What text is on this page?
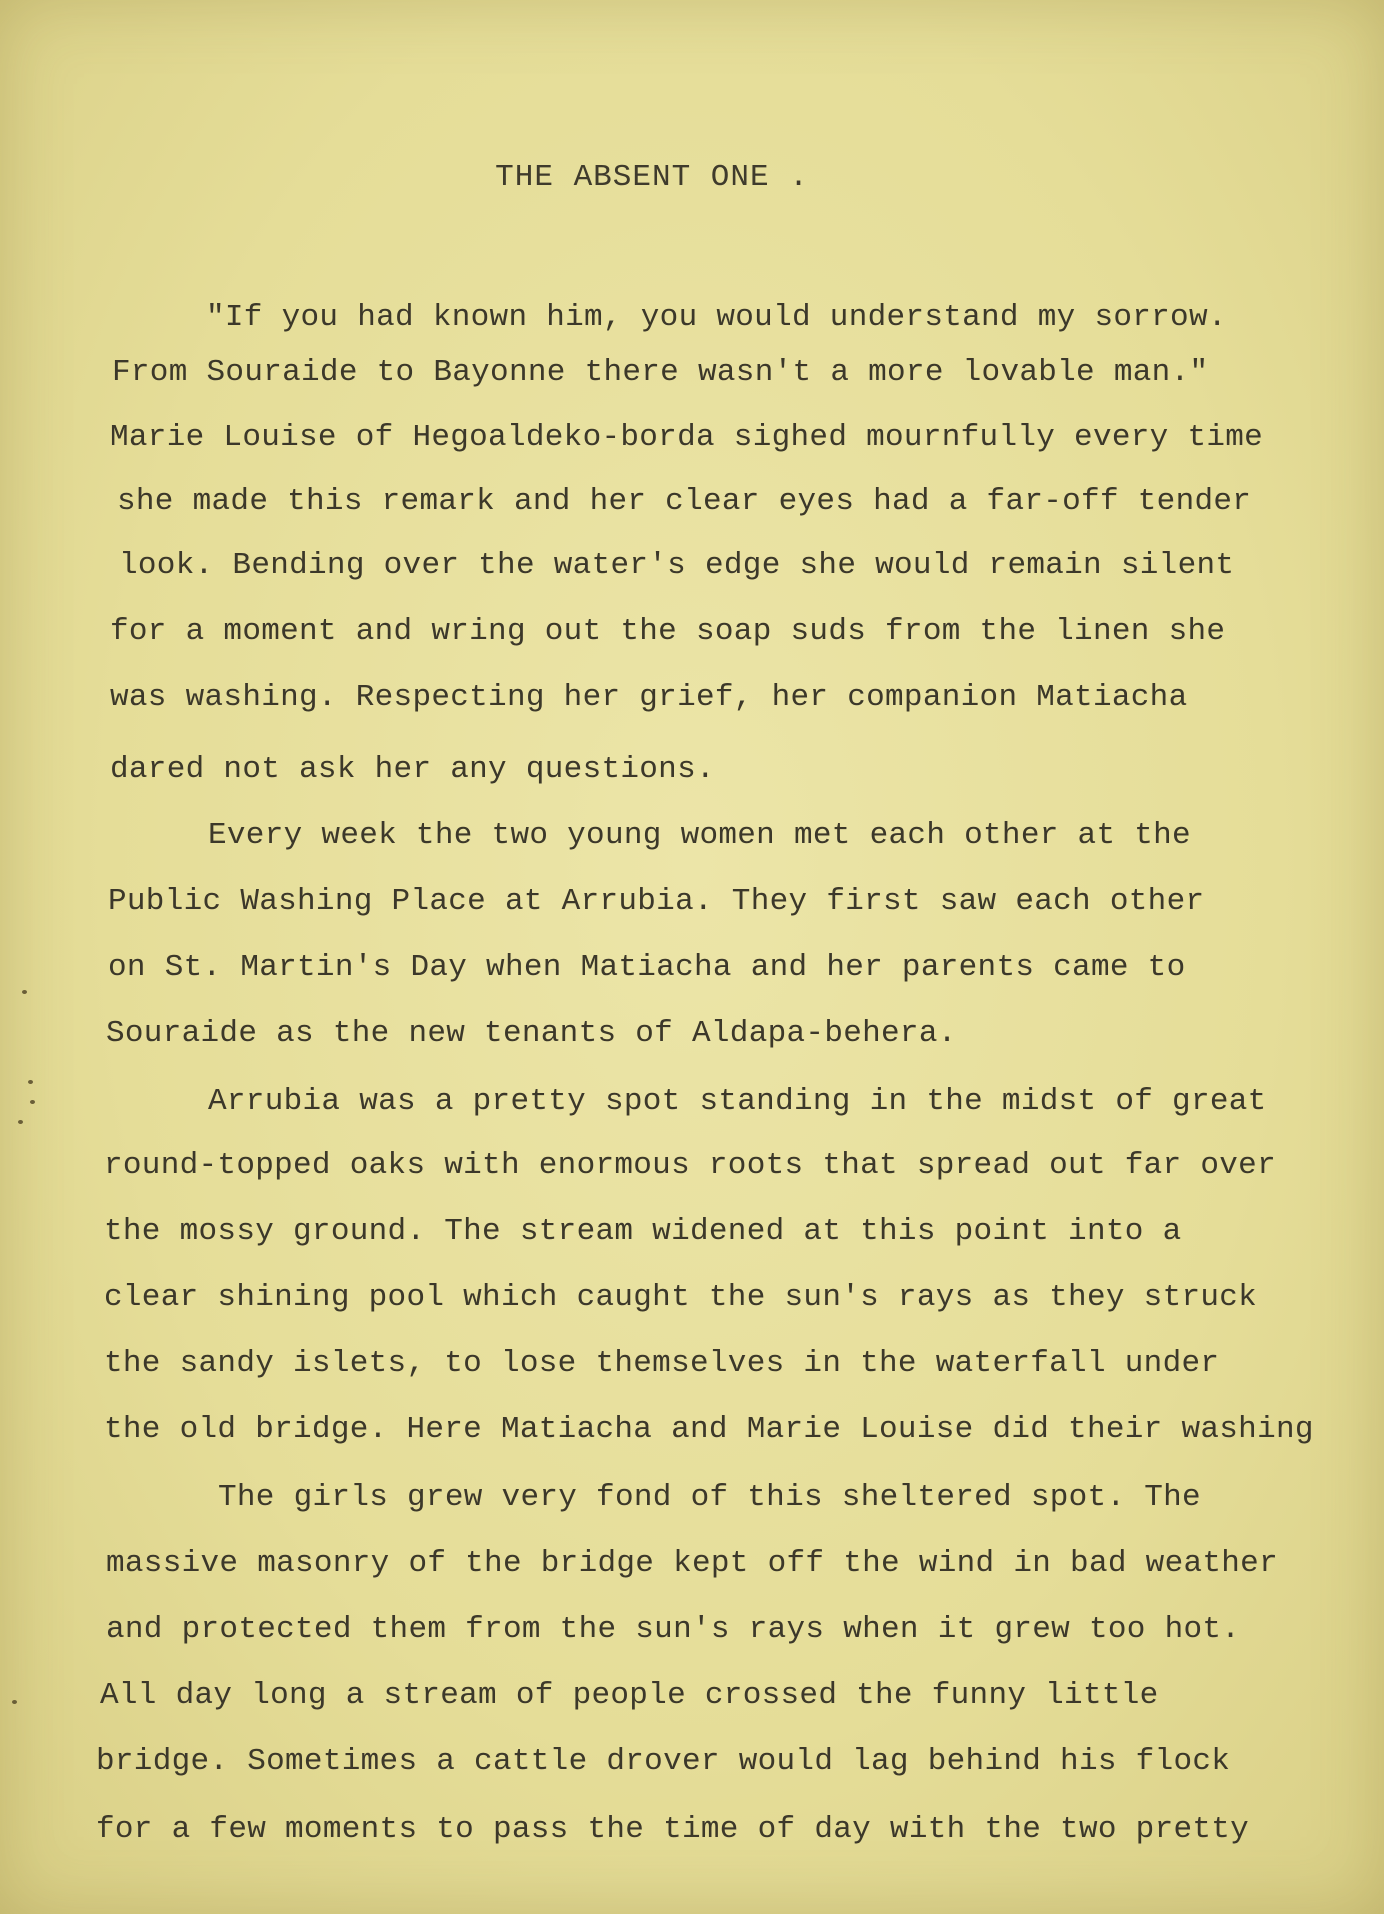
THE ABSENT ONE .
"If you had known him, you would understand my sorrow.
From Souraide to Bayonne there wasn't a more lovable man."
Marie Louise of Hegoaldeko-borda sighed mournfully every time
she made this remark and her clear eyes had a far-off tender
look. Bending over the water's edge she would remain silent
for a moment and wring out the soap suds from the linen she
was washing. Respecting her grief, her companion Matiacha
dared not ask her any questions.
Every week the two young women met each other at the
Public Washing Place at Arrubia. They first saw each other
on St. Martin's Day when Matiacha and her parents came to
Souraide as the new tenants of Aldapa-behera.
Arrubia was a pretty spot standing in the midst of great
round-topped oaks with enormous roots that spread out far over
the mossy ground. The stream widened at this point into a
clear shining pool which caught the sun's rays as they struck
the sandy islets, to lose themselves in the waterfall under
the old bridge. Here Matiacha and Marie Louise did their washing
The girls grew very fond of this sheltered spot. The
massive masonry of the bridge kept off the wind in bad weather
and protected them from the sun's rays when it grew too hot.
All day long a stream of people crossed the funny little
bridge. Sometimes a cattle drover would lag behind his flock
for a few moments to pass the time of day with the two pretty
